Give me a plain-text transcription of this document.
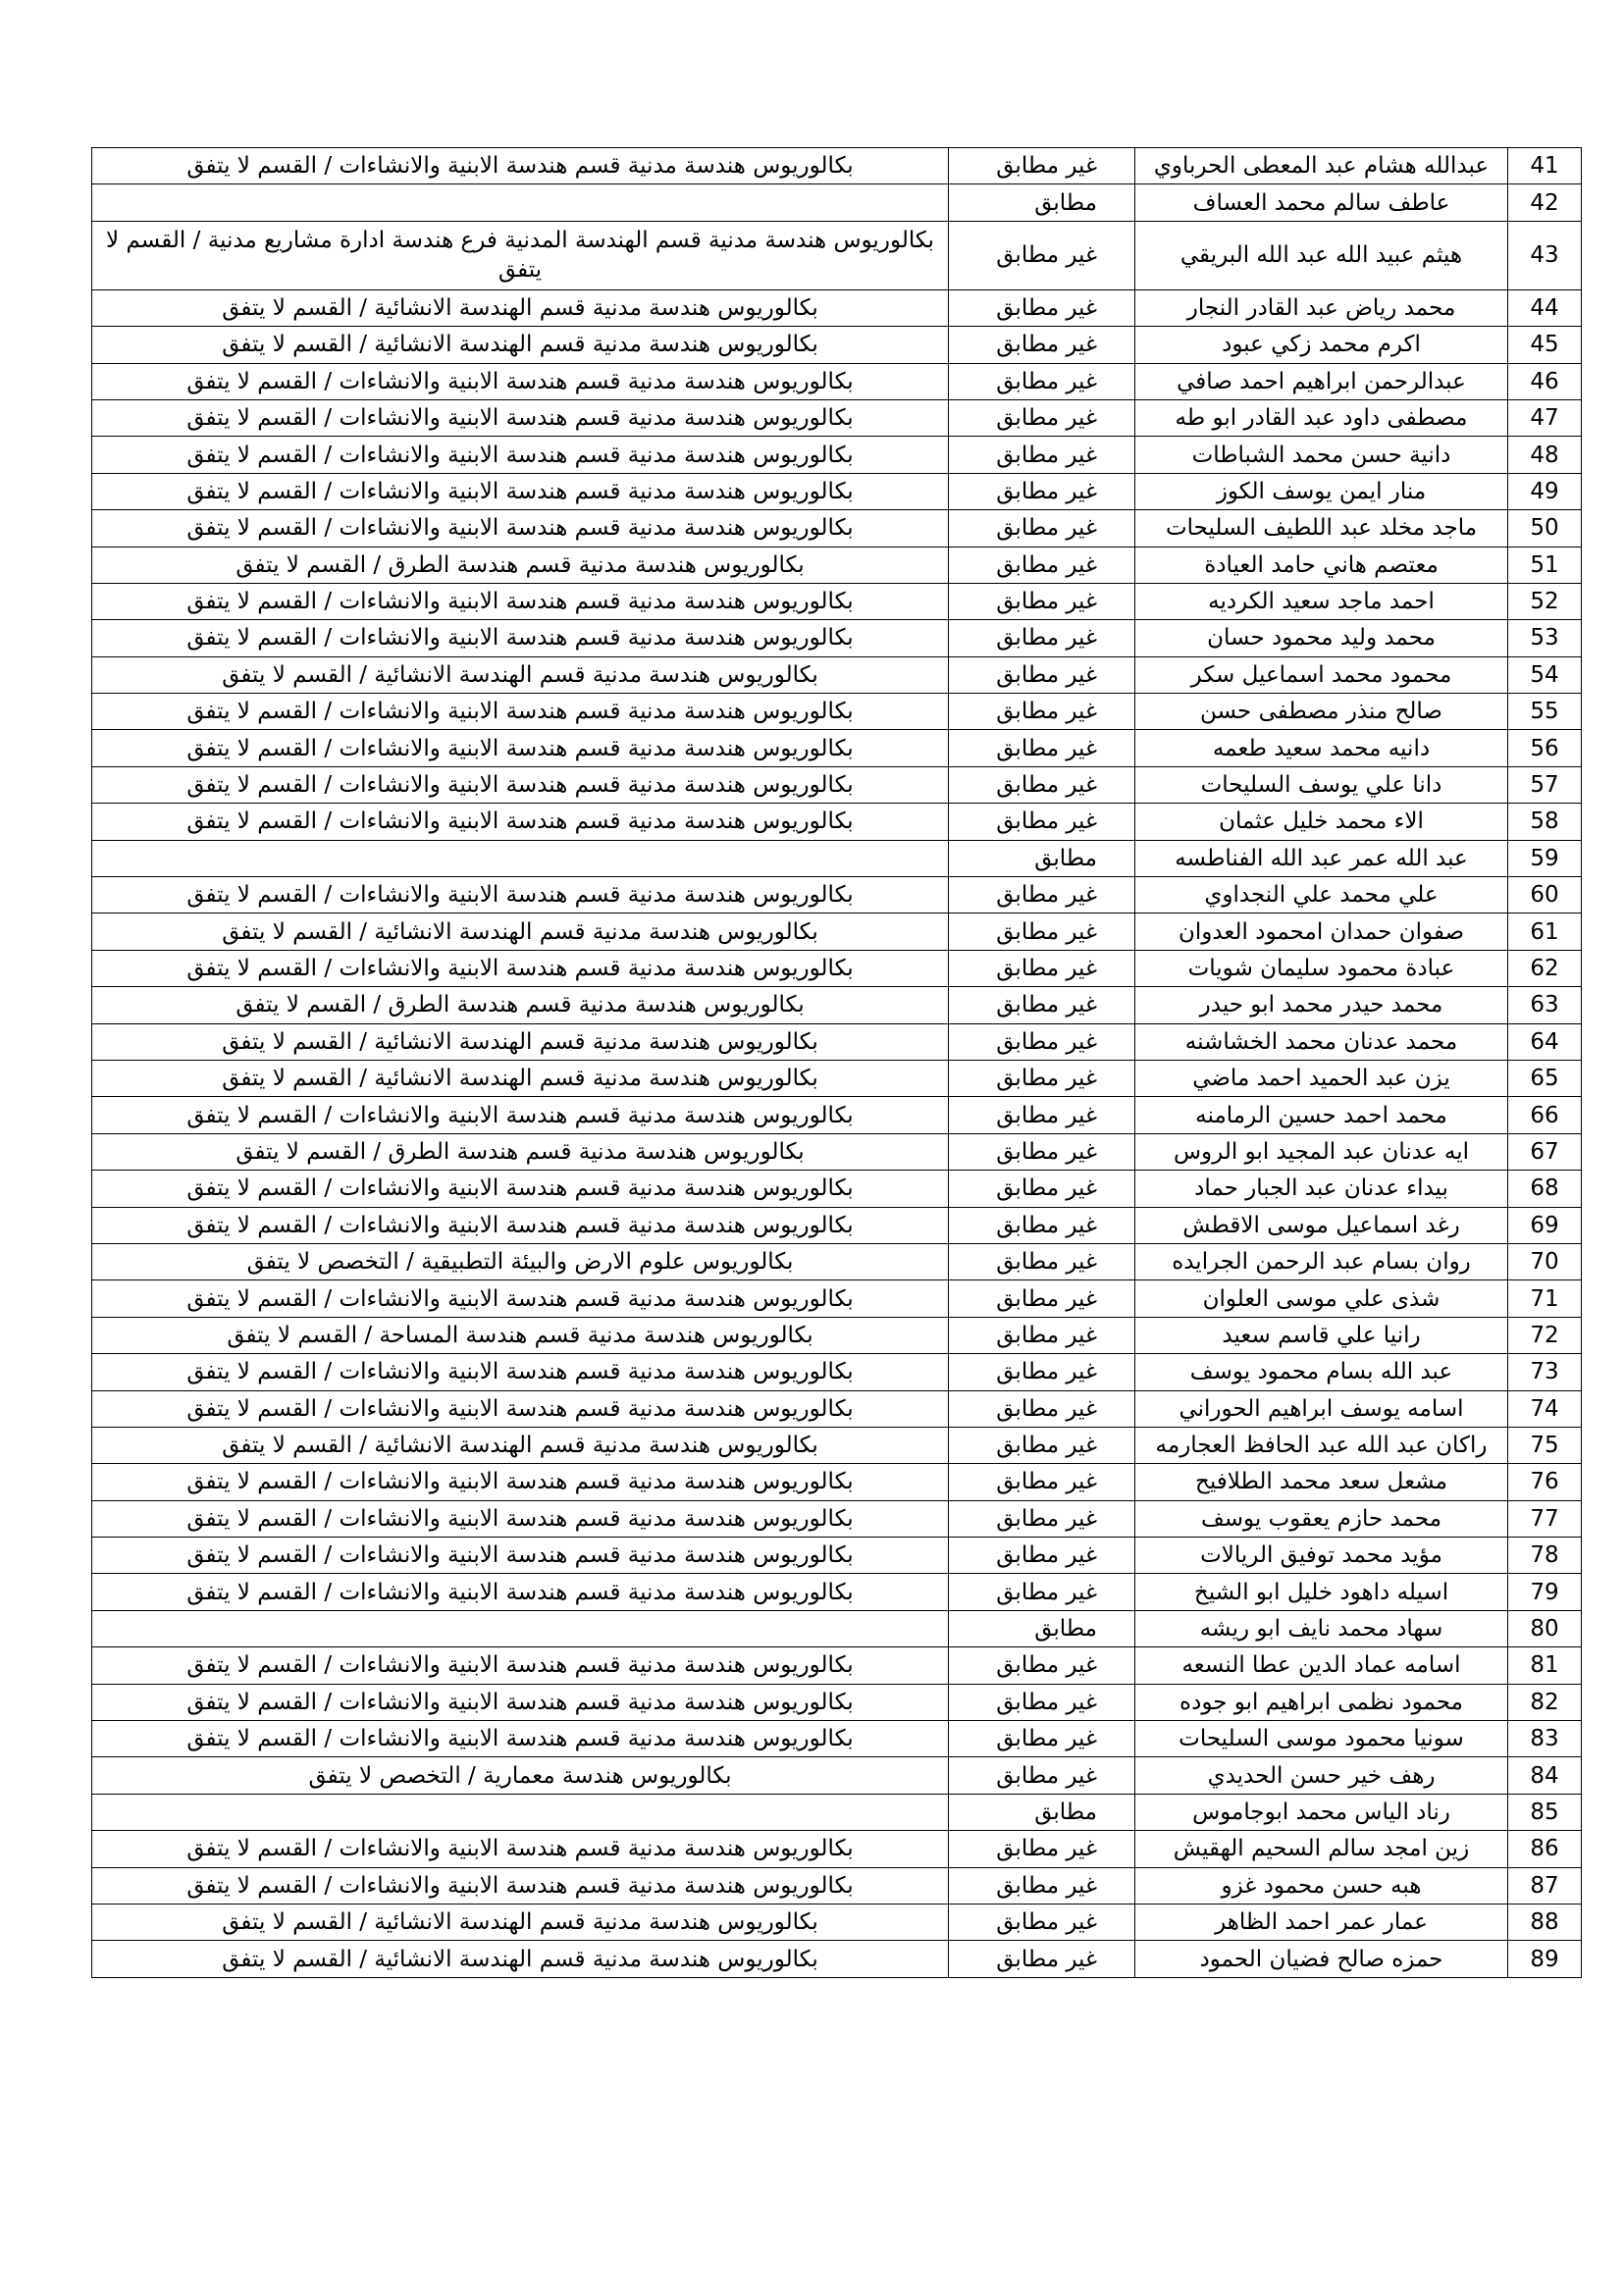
41	عبدالله هشام عبد المعطى الحرباوي	غير مطابق	بكالوريوس هندسة مدنية قسم هندسة الابنية والانشاءات / القسم لا يتفق
42	عاطف سالم محمد العساف	مطابق	
43	هيثم عبيد الله عبد الله البريقي	غير مطابق	بكالوريوس هندسة مدنية قسم الهندسة المدنية فرع هندسة ادارة مشاريع مدنية / القسم لا يتفق
44	محمد رياض عبد القادر النجار	غير مطابق	بكالوريوس هندسة مدنية قسم الهندسة الانشائية / القسم لا يتفق
45	اكرم محمد زكي عبود	غير مطابق	بكالوريوس هندسة مدنية قسم الهندسة الانشائية / القسم لا يتفق
46	عبدالرحمن ابراهيم احمد صافي	غير مطابق	بكالوريوس هندسة مدنية قسم هندسة الابنية والانشاءات / القسم لا يتفق
47	مصطفى داود عبد القادر ابو طه	غير مطابق	بكالوريوس هندسة مدنية قسم هندسة الابنية والانشاءات / القسم لا يتفق
48	دانية حسن محمد الشباطات	غير مطابق	بكالوريوس هندسة مدنية قسم هندسة الابنية والانشاءات / القسم لا يتفق
49	منار ايمن يوسف الكوز	غير مطابق	بكالوريوس هندسة مدنية قسم هندسة الابنية والانشاءات / القسم لا يتفق
50	ماجد مخلد عبد اللطيف السليحات	غير مطابق	بكالوريوس هندسة مدنية قسم هندسة الابنية والانشاءات / القسم لا يتفق
51	معتصم هاني حامد العيادة	غير مطابق	بكالوريوس هندسة مدنية قسم هندسة الطرق / القسم لا يتفق
52	احمد ماجد سعيد الكرديه	غير مطابق	بكالوريوس هندسة مدنية قسم هندسة الابنية والانشاءات / القسم لا يتفق
53	محمد وليد محمود حسان	غير مطابق	بكالوريوس هندسة مدنية قسم هندسة الابنية والانشاءات / القسم لا يتفق
54	محمود محمد اسماعيل سكر	غير مطابق	بكالوريوس هندسة مدنية قسم الهندسة الانشائية / القسم لا يتفق
55	صالح منذر مصطفى حسن	غير مطابق	بكالوريوس هندسة مدنية قسم هندسة الابنية والانشاءات / القسم لا يتفق
56	دانيه محمد سعيد طعمه	غير مطابق	بكالوريوس هندسة مدنية قسم هندسة الابنية والانشاءات / القسم لا يتفق
57	دانا علي يوسف السليحات	غير مطابق	بكالوريوس هندسة مدنية قسم هندسة الابنية والانشاءات / القسم لا يتفق
58	الاء محمد خليل عثمان	غير مطابق	بكالوريوس هندسة مدنية قسم هندسة الابنية والانشاءات / القسم لا يتفق
59	عبد الله عمر عبد الله الفناطسه	مطابق	
60	علي محمد علي النجداوي	غير مطابق	بكالوريوس هندسة مدنية قسم هندسة الابنية والانشاءات / القسم لا يتفق
61	صفوان حمدان امحمود العدوان	غير مطابق	بكالوريوس هندسة مدنية قسم الهندسة الانشائية / القسم لا يتفق
62	عبادة محمود سليمان شويات	غير مطابق	بكالوريوس هندسة مدنية قسم هندسة الابنية والانشاءات / القسم لا يتفق
63	محمد حيدر محمد ابو حيدر	غير مطابق	بكالوريوس هندسة مدنية قسم هندسة الطرق / القسم لا يتفق
64	محمد عدنان محمد الخشاشنه	غير مطابق	بكالوريوس هندسة مدنية قسم الهندسة الانشائية / القسم لا يتفق
65	يزن عبد الحميد احمد ماضي	غير مطابق	بكالوريوس هندسة مدنية قسم الهندسة الانشائية / القسم لا يتفق
66	محمد احمد حسين الرمامنه	غير مطابق	بكالوريوس هندسة مدنية قسم هندسة الابنية والانشاءات / القسم لا يتفق
67	ايه عدنان عبد المجيد ابو الروس	غير مطابق	بكالوريوس هندسة مدنية قسم هندسة الطرق / القسم لا يتفق
68	بيداء عدنان عبد الجبار حماد	غير مطابق	بكالوريوس هندسة مدنية قسم هندسة الابنية والانشاءات / القسم لا يتفق
69	رغد اسماعيل موسى الاقطش	غير مطابق	بكالوريوس هندسة مدنية قسم هندسة الابنية والانشاءات / القسم لا يتفق
70	روان بسام عبد الرحمن الجرايده	غير مطابق	بكالوريوس علوم الارض والبيئة التطبيقية / التخصص لا يتفق
71	شذى علي موسى العلوان	غير مطابق	بكالوريوس هندسة مدنية قسم هندسة الابنية والانشاءات / القسم لا يتفق
72	رانيا علي قاسم سعيد	غير مطابق	بكالوريوس هندسة مدنية قسم هندسة المساحة / القسم لا يتفق
73	عبد الله بسام محمود يوسف	غير مطابق	بكالوريوس هندسة مدنية قسم هندسة الابنية والانشاءات / القسم لا يتفق
74	اسامه يوسف ابراهيم الحوراني	غير مطابق	بكالوريوس هندسة مدنية قسم هندسة الابنية والانشاءات / القسم لا يتفق
75	راكان عبد الله عبد الحافظ العجارمه	غير مطابق	بكالوريوس هندسة مدنية قسم الهندسة الانشائية / القسم لا يتفق
76	مشعل سعد محمد الطلافيح	غير مطابق	بكالوريوس هندسة مدنية قسم هندسة الابنية والانشاءات / القسم لا يتفق
77	محمد حازم يعقوب يوسف	غير مطابق	بكالوريوس هندسة مدنية قسم هندسة الابنية والانشاءات / القسم لا يتفق
78	مؤيد محمد توفيق الريالات	غير مطابق	بكالوريوس هندسة مدنية قسم هندسة الابنية والانشاءات / القسم لا يتفق
79	اسيله داهود خليل ابو الشيخ	غير مطابق	بكالوريوس هندسة مدنية قسم هندسة الابنية والانشاءات / القسم لا يتفق
80	سهاد محمد نايف ابو ريشه	مطابق	
81	اسامه عماد الدين عطا النسعه	غير مطابق	بكالوريوس هندسة مدنية قسم هندسة الابنية والانشاءات / القسم لا يتفق
82	محمود نظمى ابراهيم ابو جوده	غير مطابق	بكالوريوس هندسة مدنية قسم هندسة الابنية والانشاءات / القسم لا يتفق
83	سونيا محمود موسى السليحات	غير مطابق	بكالوريوس هندسة مدنية قسم هندسة الابنية والانشاءات / القسم لا يتفق
84	رهف خير حسن الحديدي	غير مطابق	بكالوريوس هندسة معمارية / التخصص لا يتفق
85	رناد الياس محمد ابوجاموس	مطابق	
86	زين امجد سالم السحيم الهقيش	غير مطابق	بكالوريوس هندسة مدنية قسم هندسة الابنية والانشاءات / القسم لا يتفق
87	هبه حسن محمود غزو	غير مطابق	بكالوريوس هندسة مدنية قسم هندسة الابنية والانشاءات / القسم لا يتفق
88	عمار عمر احمد الظاهر	غير مطابق	بكالوريوس هندسة مدنية قسم الهندسة الانشائية / القسم لا يتفق
89	حمزه صالح فضيان الحمود	غير مطابق	بكالوريوس هندسة مدنية قسم الهندسة الانشائية / القسم لا يتفق
